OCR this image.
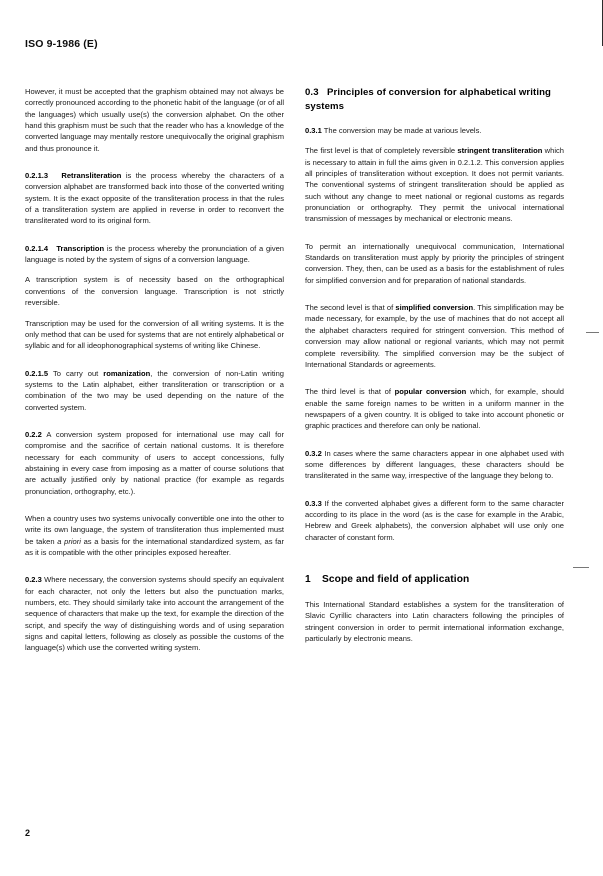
ISO 9-1986 (E)

However, it must be accepted that the graphism obtained may not always be correctly pronounced according to the phonetic habit of the language (or of all the languages) which usually use(s) the conversion alphabet. On the other hand this graphism must be such that the reader who has a knowledge of the converted language may mentally restore unequivocally the original graphism and thus pronounce it.

0.2.1.3 Retransliteration is the process whereby the characters of a conversion alphabet are transformed back into those of the converted writing system. It is the exact opposite of the transliteration process in that the rules of a transliteration system are applied in reverse in order to reconvert the transliterated word to its original form.

0.2.1.4 Transcription is the process whereby the pronunciation of a given language is noted by the system of signs of a conversion language.

A transcription system is of necessity based on the orthographical conventions of the conversion language. Transcription is not strictly reversible.

Transcription may be used for the conversion of all writing systems. It is the only method that can be used for systems that are not entirely alphabetical or syllabic and for all ideophonographical systems of writing like Chinese.

0.2.1.5 To carry out romanization, the conversion of non-Latin writing systems to the Latin alphabet, either transliteration or transcription or a combination of the two may be used depending on the nature of the converted system.

0.2.2 A conversion system proposed for international use may call for compromise and the sacrifice of certain national customs. It is therefore necessary for each community of users to accept concessions, fully abstaining in every case from imposing as a matter of course solutions that are actually justified only by national practice (for example as regards pronunciation, orthography, etc.).

When a country uses two systems univocally convertible one into the other to write its own language, the system of transliteration thus implemented must be taken a priori as a basis for the international standardized system, as far as it is compatible with the other principles exposed hereafter.

0.2.3 Where necessary, the conversion systems should specify an equivalent for each character, not only the letters but also the punctuation marks, numbers, etc. They should similarly take into account the arrangement of the sequence of characters that make up the text, for example the direction of the script, and specify the way of distinguishing words and of using separation signs and capital letters, following as closely as possible the customs of the language(s) which use the converted writing system.

0.3 Principles of conversion for alphabetical writing systems

0.3.1 The conversion may be made at various levels.

The first level is that of completely reversible stringent transliteration which is necessary to attain in full the aims given in 0.2.1.2. This conversion applies all principles of transliteration without exception. It does not permit variants. The conventional systems of stringent transliteration should be applied as such without any change to meet national or regional customs as regards pronunciation or orthography. They permit the univocal international transmission of messages by mechanical or electronic means.

To permit an internationally unequivocal communication, International Standards on transliteration must apply by priority the principles of stringent conversion. They, then, can be used as a basis for the establishment of rules for simplified conversion and for preparation of national standards.

The second level is that of simplified conversion. This simplification may be made necessary, for example, by the use of machines that do not accept all the alphabet characters required for stringent conversion. This method of conversion may allow national or regional variants, which may not permit complete reversibility. The simplified conversion may be the subject of International Standards or agreements.

The third level is that of popular conversion which, for example, should enable the same foreign names to be written in a uniform manner in the newspapers of a given country. It is obliged to take into account phonetic or graphic practices and therefore can only be national.

0.3.2 In cases where the same characters appear in one alphabet used with some differences by different languages, these characters should be transliterated in the same way, irrespective of the language they belong to.

0.3.3 If the converted alphabet gives a different form to the same character according to its place in the word (as is the case for example in the Arabic, Hebrew and Greek alphabets), the conversion alphabet will use only one character of constant form.

1 Scope and field of application

This International Standard establishes a system for the transliteration of Slavic Cyrillic characters into Latin characters following the principles of stringent conversion in order to permit international information exchange, particularly by electronic means.

2
